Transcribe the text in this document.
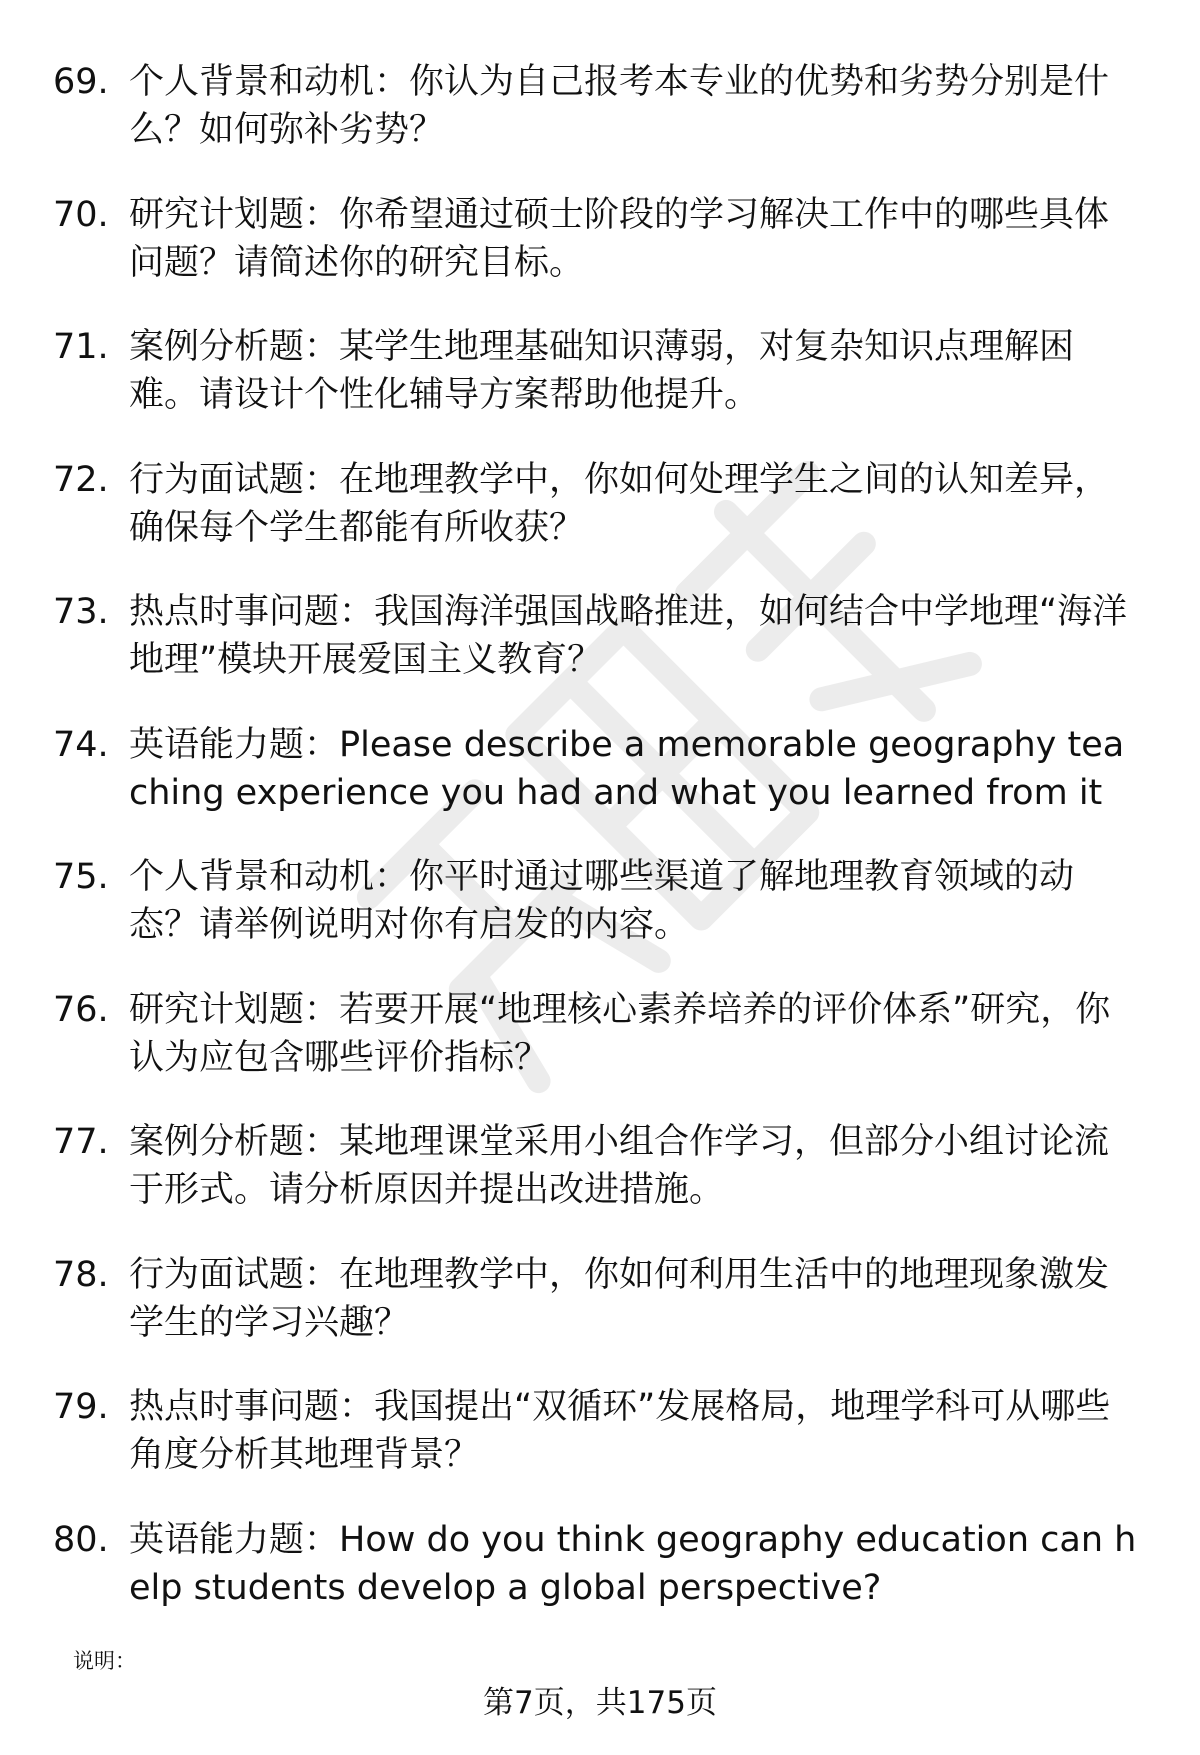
69. 个人背景和动机：你认为自己报考本专业的优势和劣势分别是什么？如何弥补劣势？
70. 研究计划题：你希望通过硕士阶段的学习解决工作中的哪些具体问题？请简述你的研究目标。
71. 案例分析题：某学生地理基础知识薄弱，对复杂知识点理解困难。请设计个性化辅导方案帮助他提升。
72. 行为面试题：在地理教学中，你如何处理学生之间的认知差异，确保每个学生都能有所收获？
73. 热点时事问题：我国海洋强国战略推进，如何结合中学地理“海洋地理”模块开展爱国主义教育？
74. 英语能力题：Please describe a memorable geography teaching experience you had and what you learned from it
75. 个人背景和动机：你平时通过哪些渠道了解地理教育领域的动态？请举例说明对你有启发的内容。
76. 研究计划题：若要开展“地理核心素养培养的评价体系”研究，你认为应包含哪些评价指标？
77. 案例分析题：某地理课堂采用小组合作学习，但部分小组讨论流于形式。请分析原因并提出改进措施。
78. 行为面试题：在地理教学中，你如何利用生活中的地理现象激发学生的学习兴趣？
79. 热点时事问题：我国提出“双循环”发展格局，地理学科可从哪些角度分析其地理背景？
80. 英语能力题：How do you think geography education can help students develop a global perspective?
说明：
第7页，共175页
